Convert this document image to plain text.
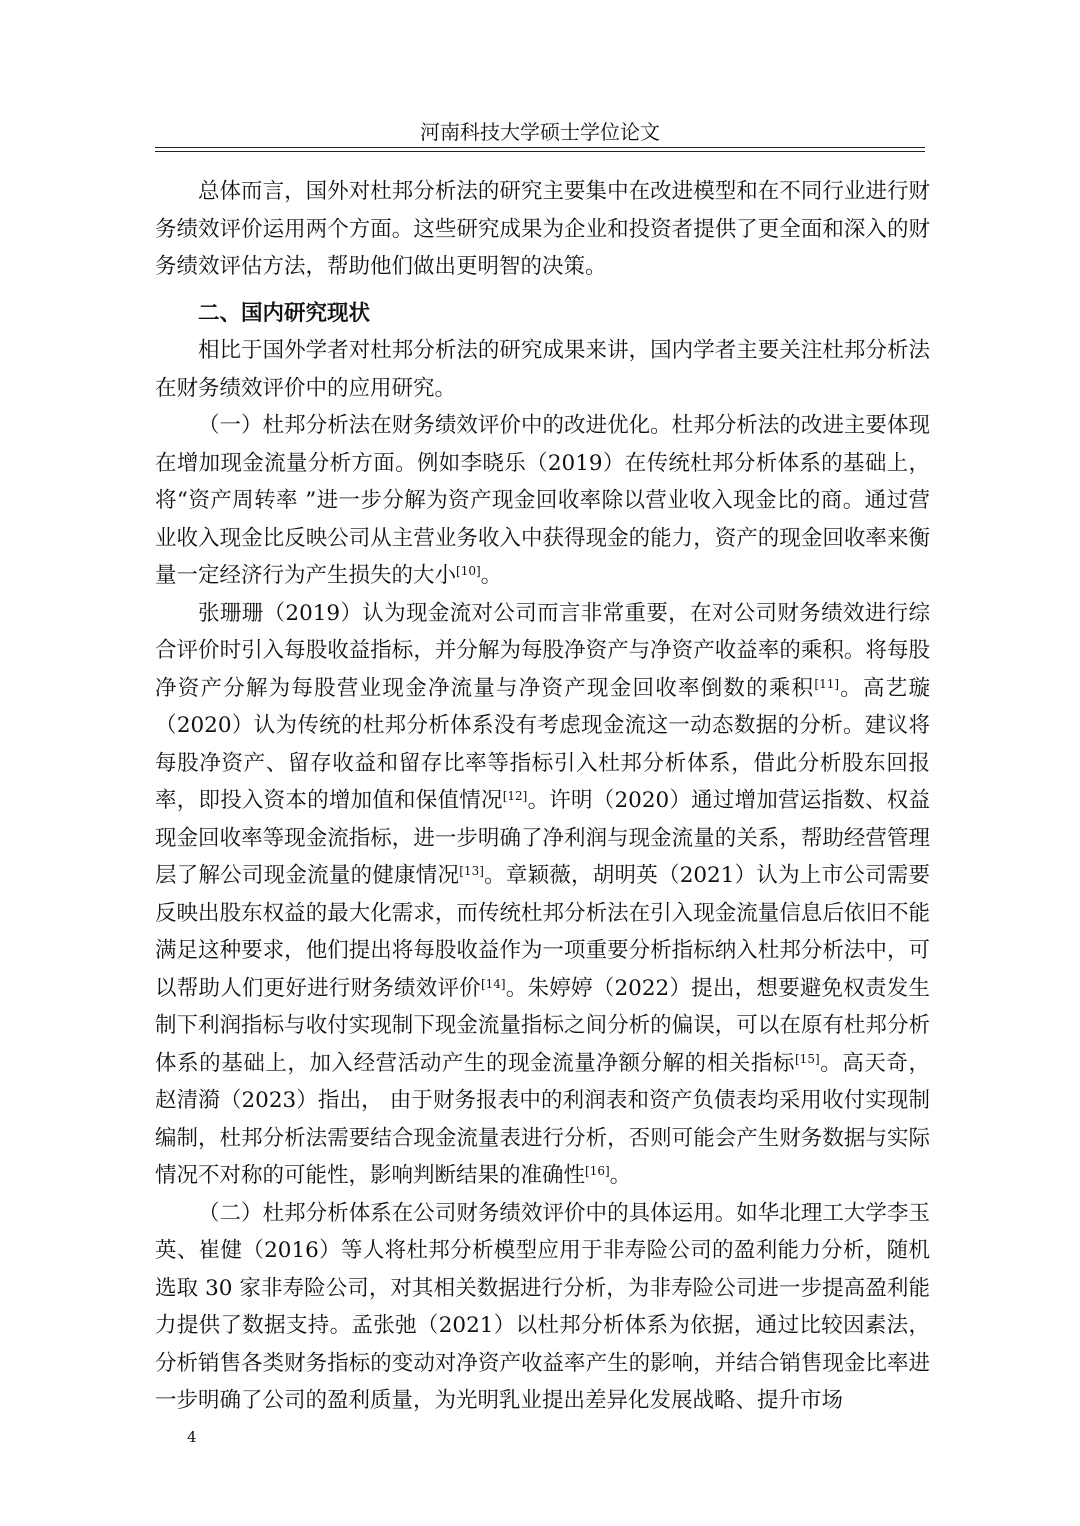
河南科技大学硕士学位论文

总体而言，国外对杜邦分析法的研究主要集中在改进模型和在不同行业进行财务绩效评价运用两个方面。这些研究成果为企业和投资者提供了更全面和深入的财务绩效评估方法，帮助他们做出更明智的决策。

二、国内研究现状

相比于国外学者对杜邦分析法的研究成果来讲，国内学者主要关注杜邦分析法在财务绩效评价中的应用研究。

（一）杜邦分析法在财务绩效评价中的改进优化。杜邦分析法的改进主要体现在增加现金流量分析方面。例如李晓乐（2019）在传统杜邦分析体系的基础上，将“资产周转率 ”进一步分解为资产现金回收率除以营业收入现金比的商。通过营业收入现金比反映公司从主营业务收入中获得现金的能力，资产的现金回收率来衡量一定经济行为产生损失的大小[10]。

张珊珊（2019）认为现金流对公司而言非常重要，在对公司财务绩效进行综合评价时引入每股收益指标，并分解为每股净资产与净资产收益率的乘积。将每股净资产分解为每股营业现金净流量与净资产现金回收率倒数的乘积[11]。高艺璇（2020）认为传统的杜邦分析体系没有考虑现金流这一动态数据的分析。建议将每股净资产、留存收益和留存比率等指标引入杜邦分析体系，借此分析股东回报率，即投入资本的增加值和保值情况[12]。许明（2020）通过增加营运指数、权益现金回收率等现金流指标，进一步明确了净利润与现金流量的关系，帮助经营管理层了解公司现金流量的健康情况[13]。章颖薇，胡明英（2021）认为上市公司需要反映出股东权益的最大化需求，而传统杜邦分析法在引入现金流量信息后依旧不能满足这种要求，他们提出将每股收益作为一项重要分析指标纳入杜邦分析法中，可以帮助人们更好进行财务绩效评价[14]。朱婷婷（2022）提出，想要避免权责发生制下利润指标与收付实现制下现金流量指标之间分析的偏误，可以在原有杜邦分析体系的基础上，加入经营活动产生的现金流量净额分解的相关指标[15]。高天奇，赵清漪（2023）指出， 由于财务报表中的利润表和资产负债表均采用收付实现制编制，杜邦分析法需要结合现金流量表进行分析，否则可能会产生财务数据与实际情况不对称的可能性，影响判断结果的准确性[16]。

（二）杜邦分析体系在公司财务绩效评价中的具体运用。如华北理工大学李玉英、崔健（2016）等人将杜邦分析模型应用于非寿险公司的盈利能力分析，随机选取 30 家非寿险公司，对其相关数据进行分析，为非寿险公司进一步提高盈利能力提供了数据支持。孟张弛（2021）以杜邦分析体系为依据，通过比较因素法，分析销售各类财务指标的变动对净资产收益率产生的影响，并结合销售现金比率进一步明确了公司的盈利质量，为光明乳业提出差异化发展战略、提升市场

4
